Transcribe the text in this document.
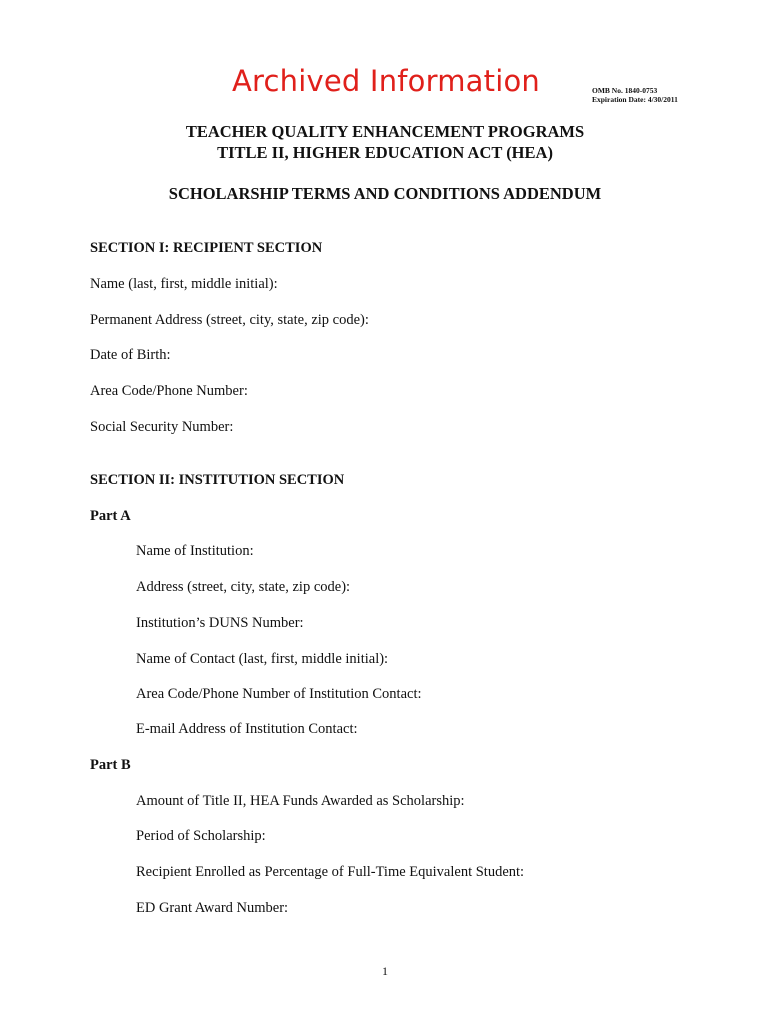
Archived Information	OMB No. 1840-0753
Expiration Date: 4/30/2011
TEACHER QUALITY ENHANCEMENT PROGRAMS
TITLE II, HIGHER EDUCATION ACT (HEA)
SCHOLARSHIP TERMS AND CONDITIONS ADDENDUM
SECTION I: RECIPIENT SECTION
Name (last, first, middle initial):
Permanent Address (street, city, state, zip code):
Date of Birth:
Area Code/Phone Number:
Social Security Number:
SECTION II: INSTITUTION SECTION
Part A
Name of Institution:
Address (street, city, state, zip code):
Institution’s DUNS Number:
Name of Contact (last, first, middle initial):
Area Code/Phone Number of Institution Contact:
E-mail Address of Institution Contact:
Part B
Amount of Title II, HEA Funds Awarded as Scholarship:
Period of Scholarship:
Recipient Enrolled as Percentage of Full-Time Equivalent Student:
ED Grant Award Number:
1
